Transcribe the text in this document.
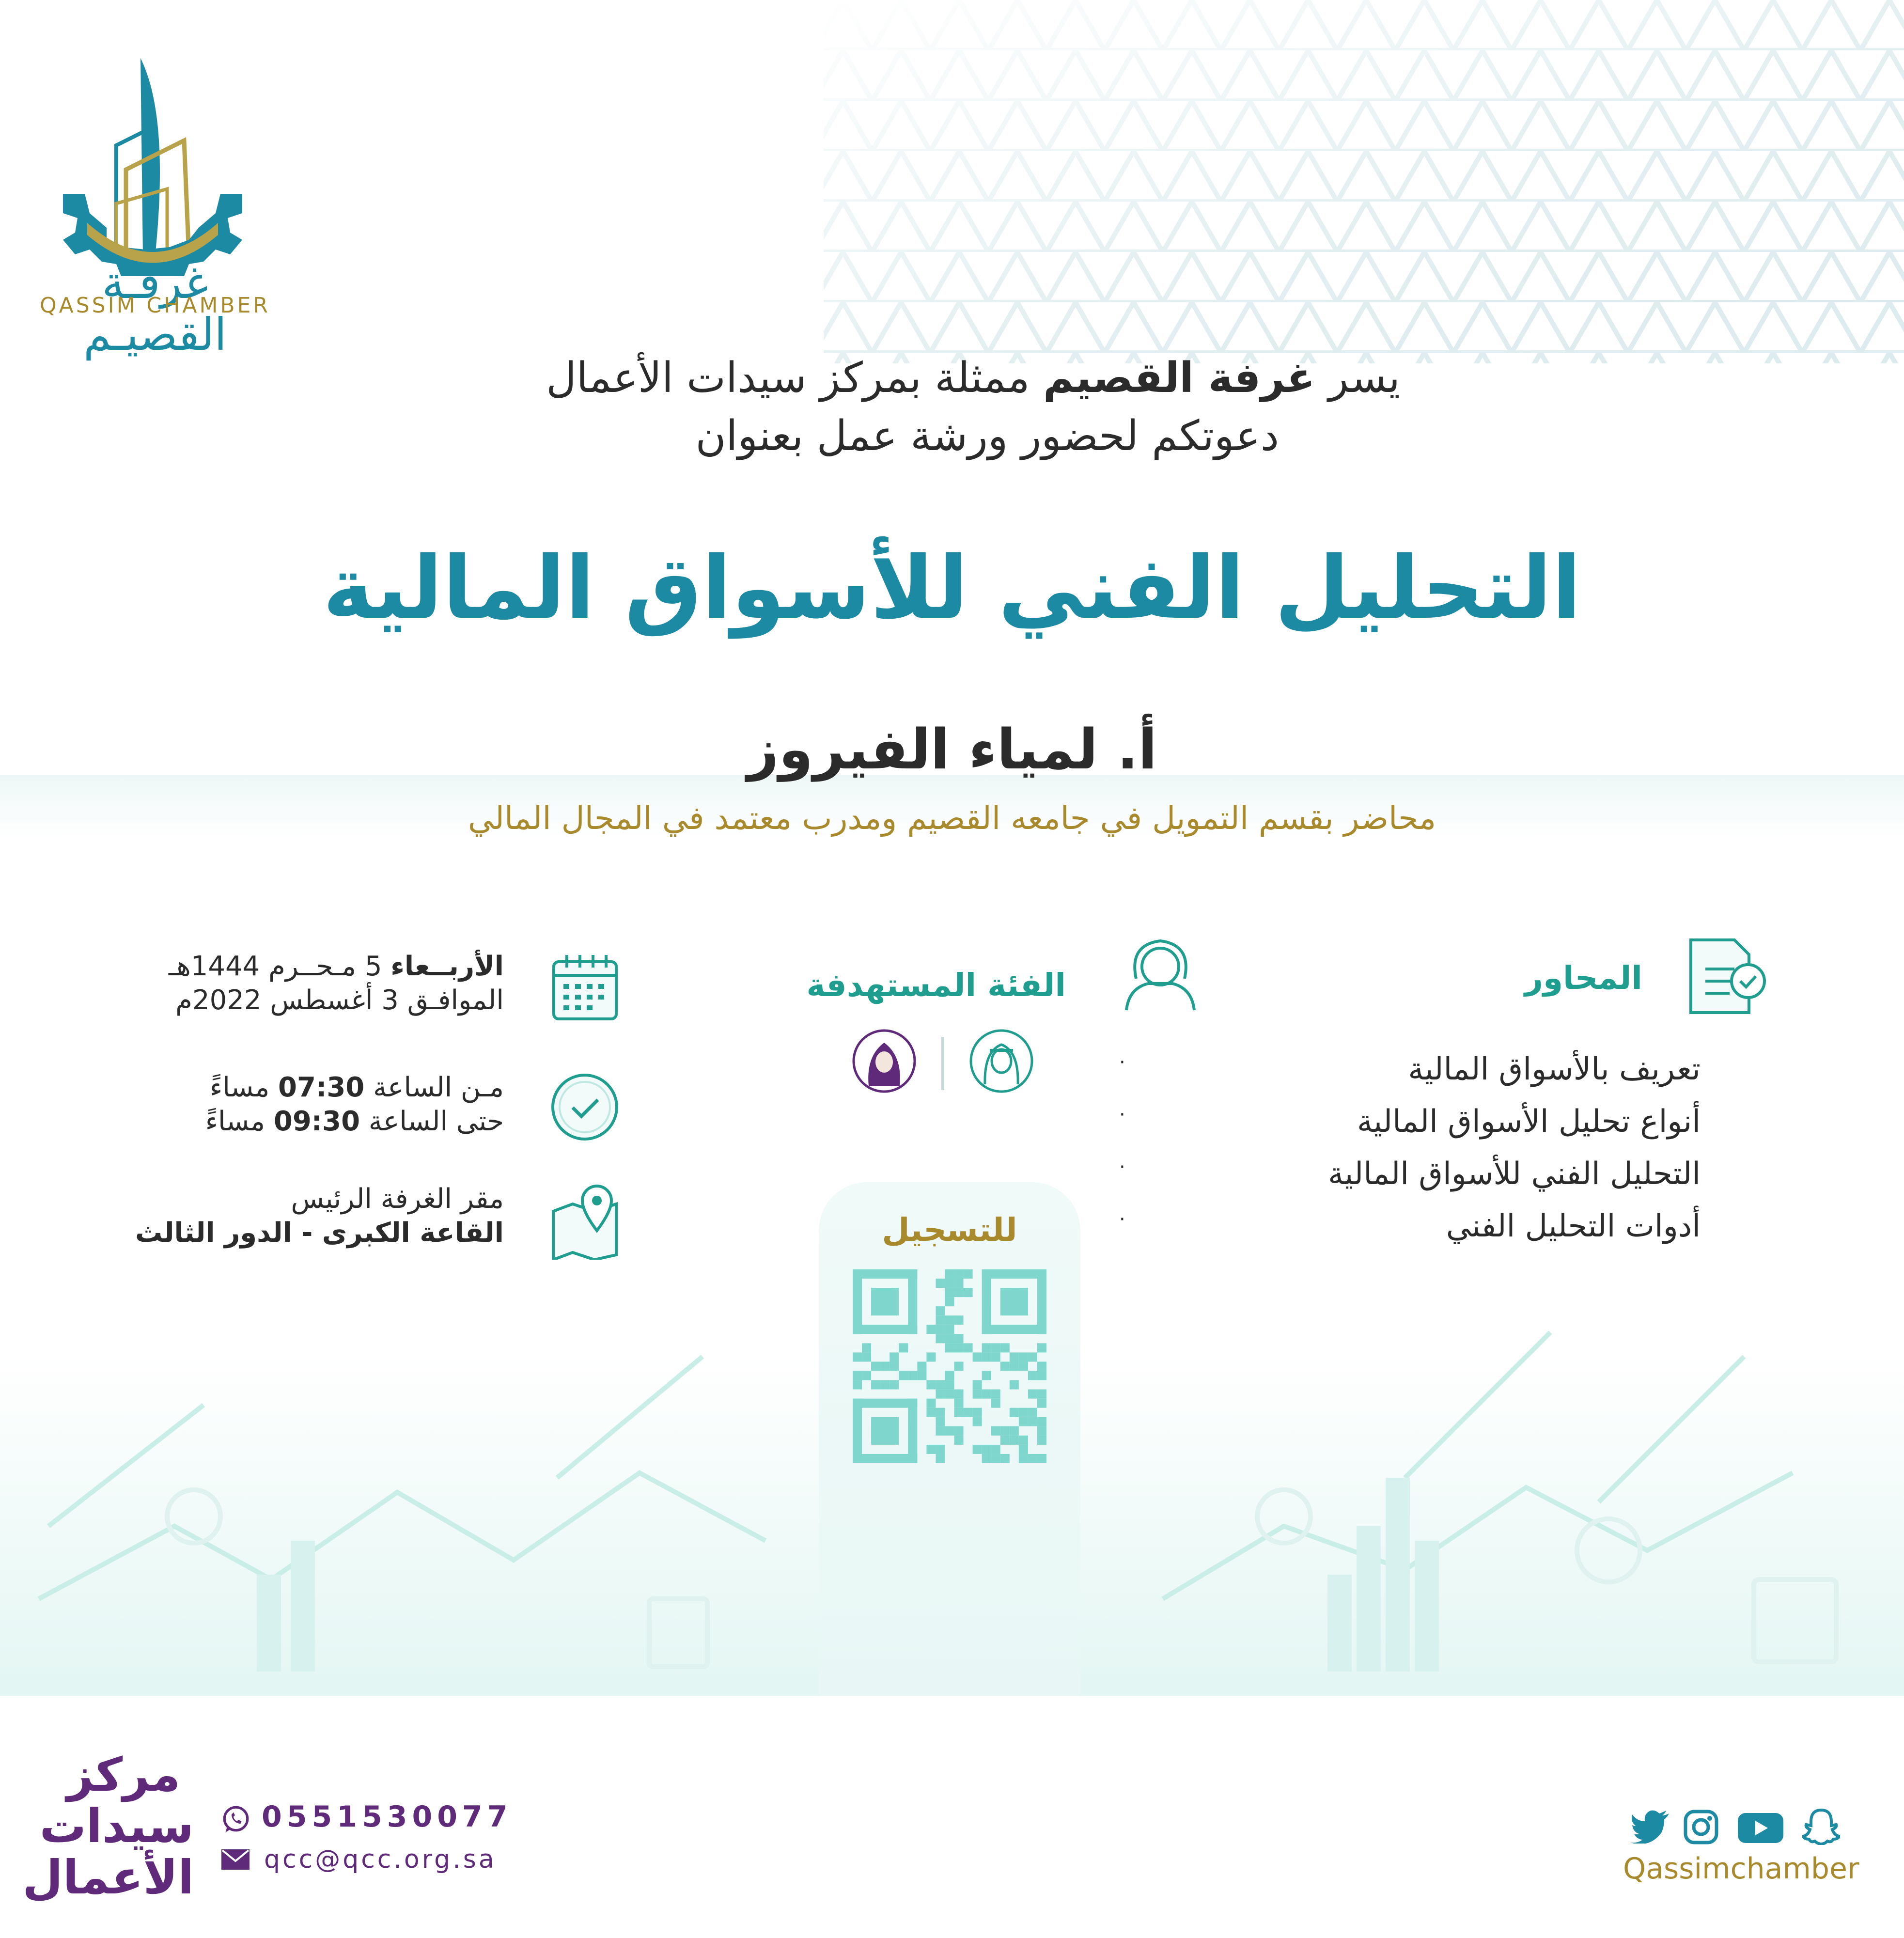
غرفـة القصيـم
QASSIM CHAMBER
يسر غرفة القصيم ممثلة بمركز سيدات الأعمال
دعوتكم لحضور ورشة عمل بعنوان
التحليل الفني للأسواق المالية
أ. لمياء الفيروز
محاضر بقسم التمويل في جامعه القصيم ومدرب معتمد في المجال المالي
المحاور
·	تعريف بالأسواق المالية
·	أنواع تحليل الأسواق المالية
·	التحليل الفني للأسواق المالية
·	أدوات التحليل الفني
الفئة المستهدفة
للتسجيل
الأربــعاء 5 مـحــرم 1444هـ
الموافـق 3 أغسطس 2022م
مـن الساعة 07:30 مساءً
حتى الساعة 09:30 مساءً
مقر الغرفة الرئيس
القاعة الكبرى - الدور الثالث
مركز
سيدات
الأعمال
0551530077
qcc@qcc.org.sa	Qassimchamber
